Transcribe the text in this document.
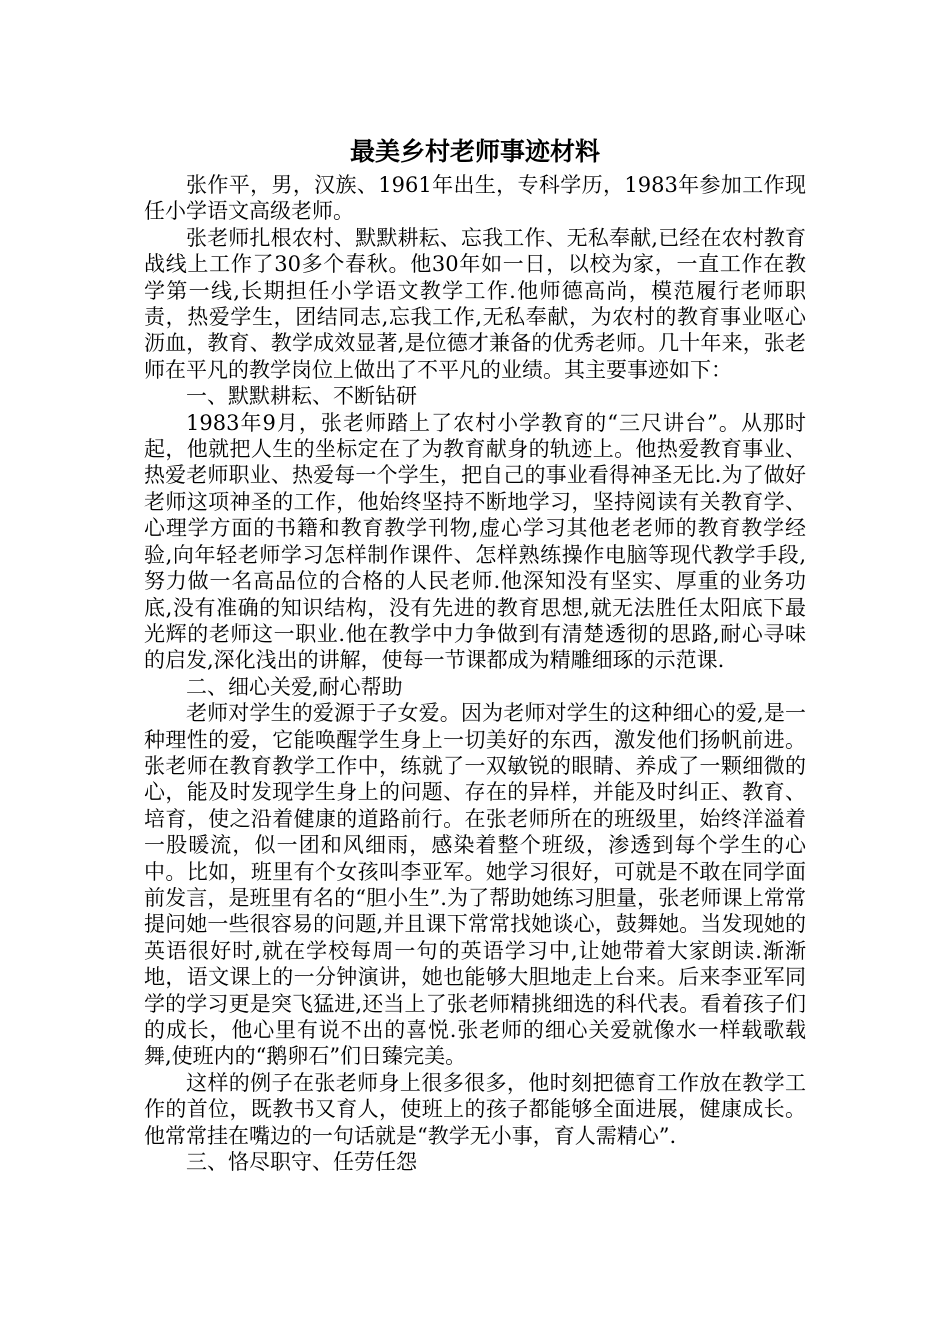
最美乡村老师事迹材料

张作平，男，汉族、1961年出生，专科学历，1983年参加工作现任小学语文高级老师。

张老师扎根农村、默默耕耘、忘我工作、无私奉献,已经在农村教育战线上工作了30多个春秋。他30年如一日，以校为家，一直工作在教学第一线,长期担任小学语文教学工作.他师德高尚，模范履行老师职责，热爱学生，团结同志,忘我工作,无私奉献，为农村的教育事业呕心沥血，教育、教学成效显著,是位德才兼备的优秀老师。几十年来，张老师在平凡的教学岗位上做出了不平凡的业绩。其主要事迹如下：

一、默默耕耘、不断钻研

1983年9月，张老师踏上了农村小学教育的“三尺讲台”。从那时起，他就把人生的坐标定在了为教育献身的轨迹上。他热爱教育事业、热爱老师职业、热爱每一个学生，把自己的事业看得神圣无比.为了做好老师这项神圣的工作，他始终坚持不断地学习，坚持阅读有关教育学、心理学方面的书籍和教育教学刊物,虚心学习其他老老师的教育教学经验,向年轻老师学习怎样制作课件、怎样熟练操作电脑等现代教学手段,努力做一名高品位的合格的人民老师.他深知没有坚实、厚重的业务功底,没有准确的知识结构，没有先进的教育思想,就无法胜任太阳底下最光辉的老师这一职业.他在教学中力争做到有清楚透彻的思路,耐心寻味的启发,深化浅出的讲解，使每一节课都成为精雕细琢的示范课.

二、细心关爱,耐心帮助

老师对学生的爱源于子女爱。因为老师对学生的这种细心的爱,是一种理性的爱，它能唤醒学生身上一切美好的东西，激发他们扬帆前进。张老师在教育教学工作中，练就了一双敏锐的眼睛、养成了一颗细微的心，能及时发现学生身上的问题、存在的异样，并能及时纠正、教育、培育，使之沿着健康的道路前行。在张老师所在的班级里，始终洋溢着一股暖流，似一团和风细雨，感染着整个班级，渗透到每个学生的心中。比如，班里有个女孩叫李亚军。她学习很好，可就是不敢在同学面前发言，是班里有名的“胆小生”.为了帮助她练习胆量，张老师课上常常提问她一些很容易的问题,并且课下常常找她谈心，鼓舞她。当发现她的英语很好时,就在学校每周一句的英语学习中,让她带着大家朗读.渐渐地，语文课上的一分钟演讲，她也能够大胆地走上台来。后来李亚军同学的学习更是突飞猛进,还当上了张老师精挑细选的科代表。看着孩子们的成长，他心里有说不出的喜悦.张老师的细心关爱就像水一样载歌载舞,使班内的“鹅卵石”们日臻完美。

这样的例子在张老师身上很多很多，他时刻把德育工作放在教学工作的首位，既教书又育人，使班上的孩子都能够全面进展，健康成长。他常常挂在嘴边的一句话就是“教学无小事，育人需精心”.

三、恪尽职守、任劳任怨
